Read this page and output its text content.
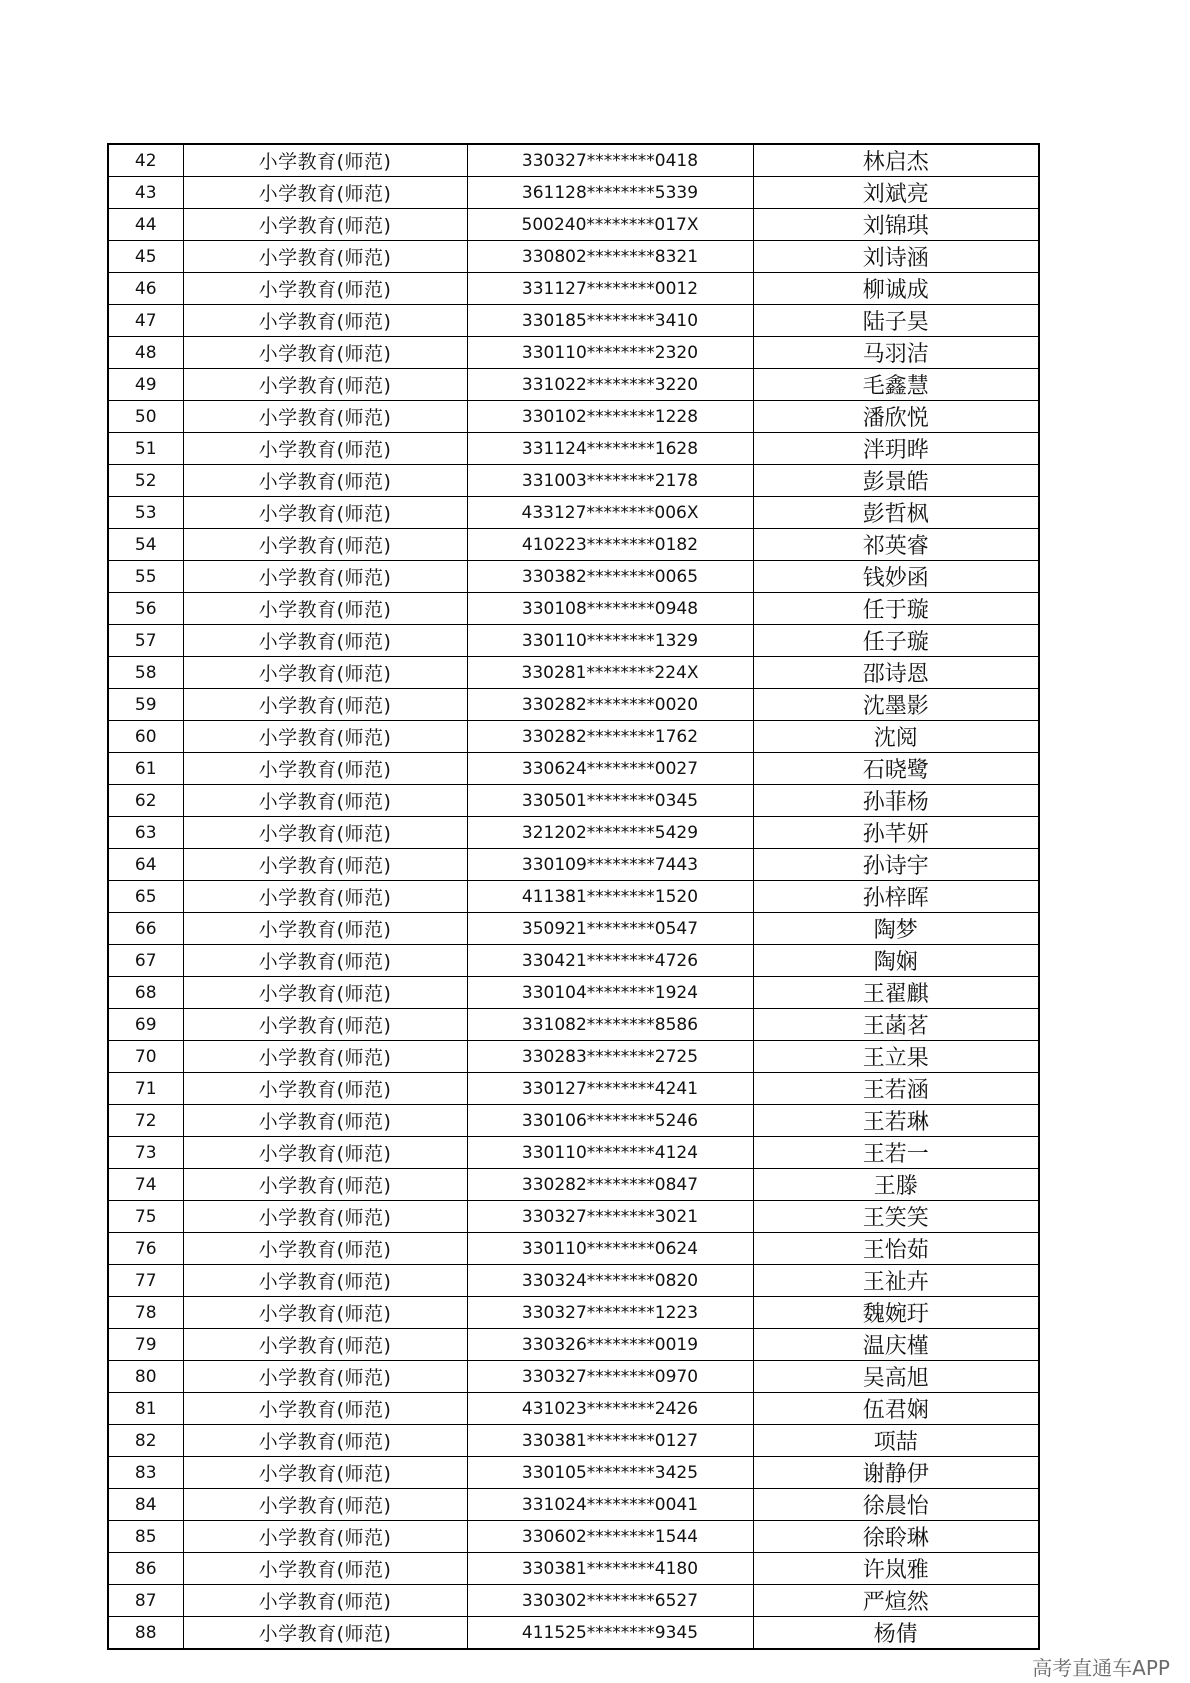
42	小学教育(师范)	330327********0418	林启杰
43	小学教育(师范)	361128********5339	刘斌亮
44	小学教育(师范)	500240********017X	刘锦琪
45	小学教育(师范)	330802********8321	刘诗涵
46	小学教育(师范)	331127********0012	柳诚成
47	小学教育(师范)	330185********3410	陆子昊
48	小学教育(师范)	330110********2320	马羽洁
49	小学教育(师范)	331022********3220	毛鑫慧
50	小学教育(师范)	330102********1228	潘欣悦
51	小学教育(师范)	331124********1628	泮玥晔
52	小学教育(师范)	331003********2178	彭景皓
53	小学教育(师范)	433127********006X	彭哲枫
54	小学教育(师范)	410223********0182	祁英睿
55	小学教育(师范)	330382********0065	钱妙函
56	小学教育(师范)	330108********0948	任于璇
57	小学教育(师范)	330110********1329	任子璇
58	小学教育(师范)	330281********224X	邵诗恩
59	小学教育(师范)	330282********0020	沈墨影
60	小学教育(师范)	330282********1762	沈阅
61	小学教育(师范)	330624********0027	石晓鹭
62	小学教育(师范)	330501********0345	孙菲杨
63	小学教育(师范)	321202********5429	孙芊妍
64	小学教育(师范)	330109********7443	孙诗宇
65	小学教育(师范)	411381********1520	孙梓晖
66	小学教育(师范)	350921********0547	陶梦
67	小学教育(师范)	330421********4726	陶娴
68	小学教育(师范)	330104********1924	王翟麒
69	小学教育(师范)	331082********8586	王菡茗
70	小学教育(师范)	330283********2725	王立果
71	小学教育(师范)	330127********4241	王若涵
72	小学教育(师范)	330106********5246	王若琳
73	小学教育(师范)	330110********4124	王若一
74	小学教育(师范)	330282********0847	王滕
75	小学教育(师范)	330327********3021	王笑笑
76	小学教育(师范)	330110********0624	王怡茹
77	小学教育(师范)	330324********0820	王祉卉
78	小学教育(师范)	330327********1223	魏婉玗
79	小学教育(师范)	330326********0019	温庆槿
80	小学教育(师范)	330327********0970	吴高旭
81	小学教育(师范)	431023********2426	伍君娴
82	小学教育(师范)	330381********0127	项喆
83	小学教育(师范)	330105********3425	谢静伊
84	小学教育(师范)	331024********0041	徐晨怡
85	小学教育(师范)	330602********1544	徐聆琳
86	小学教育(师范)	330381********4180	许岚雅
87	小学教育(师范)	330302********6527	严煊然
88	小学教育(师范)	411525********9345	杨倩
高考直通车APP
